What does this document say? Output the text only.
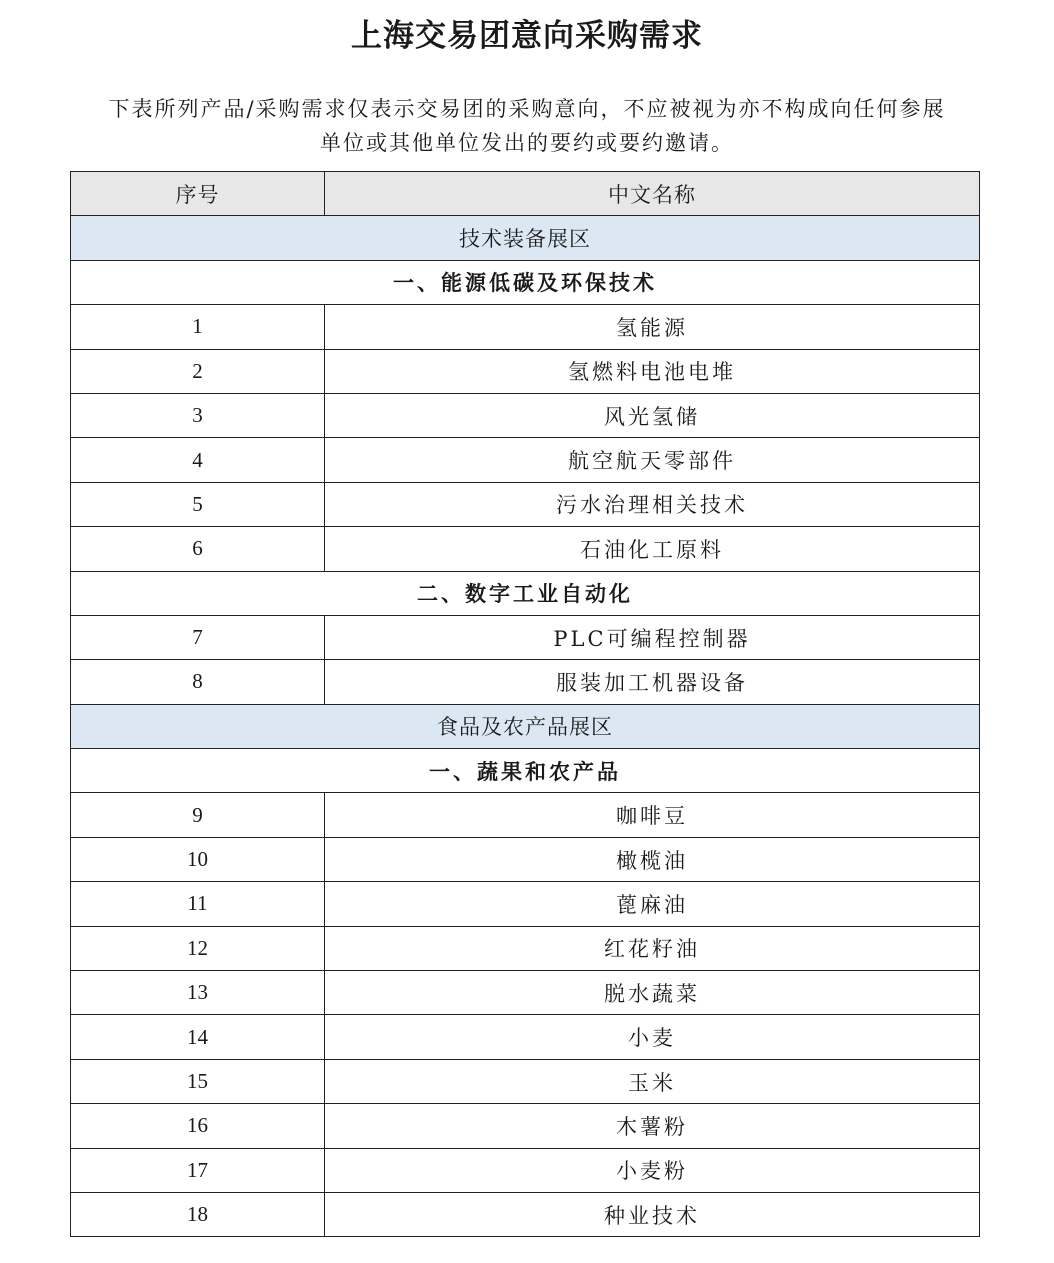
上海交易团意向采购需求
下表所列产品/采购需求仅表示交易团的采购意向，不应被视为亦不构成向任何参展
单位或其他单位发出的要约或要约邀请。
序号	中文名称
技术装备展区	
一、能源低碳及环保技术	
1	氢能源
2	氢燃料电池电堆
3	风光氢储
4	航空航天零部件
5	污水治理相关技术
6	石油化工原料
二、数字工业自动化	
7	PLC可编程控制器
8	服装加工机器设备
食品及农产品展区	
一、蔬果和农产品	
9	咖啡豆
10	橄榄油
11	蓖麻油
12	红花籽油
13	脱水蔬菜
14	小麦
15	玉米
16	木薯粉
17	小麦粉
18	种业技术
